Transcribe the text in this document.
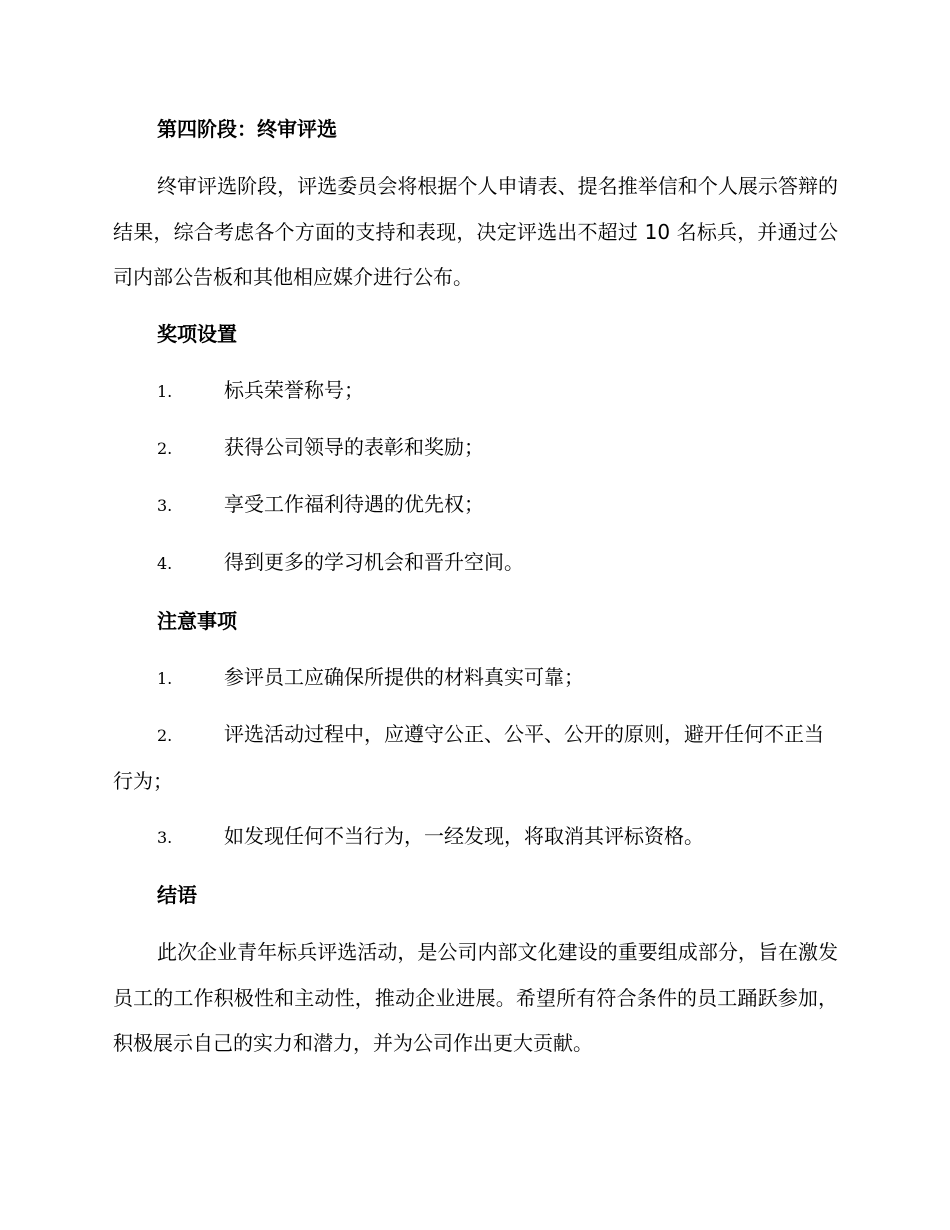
第四阶段：终审评选

终审评选阶段，评选委员会将根据个人申请表、提名推举信和个人展示答辩的结果，综合考虑各个方面的支持和表现，决定评选出不超过 10 名标兵，并通过公司内部公告板和其他相应媒介进行公布。

奖项设置

1.	标兵荣誉称号；

2.	获得公司领导的表彰和奖励；

3.	享受工作福利待遇的优先权；

4.	得到更多的学习机会和晋升空间。

注意事项

1.	参评员工应确保所提供的材料真实可靠；

2.	评选活动过程中，应遵守公正、公平、公开的原则，避开任何不正当行为；

3.	如发现任何不当行为，一经发现，将取消其评标资格。

结语

此次企业青年标兵评选活动，是公司内部文化建设的重要组成部分，旨在激发员工的工作积极性和主动性，推动企业进展。希望所有符合条件的员工踊跃参加，积极展示自己的实力和潜力，并为公司作出更大贡献。
